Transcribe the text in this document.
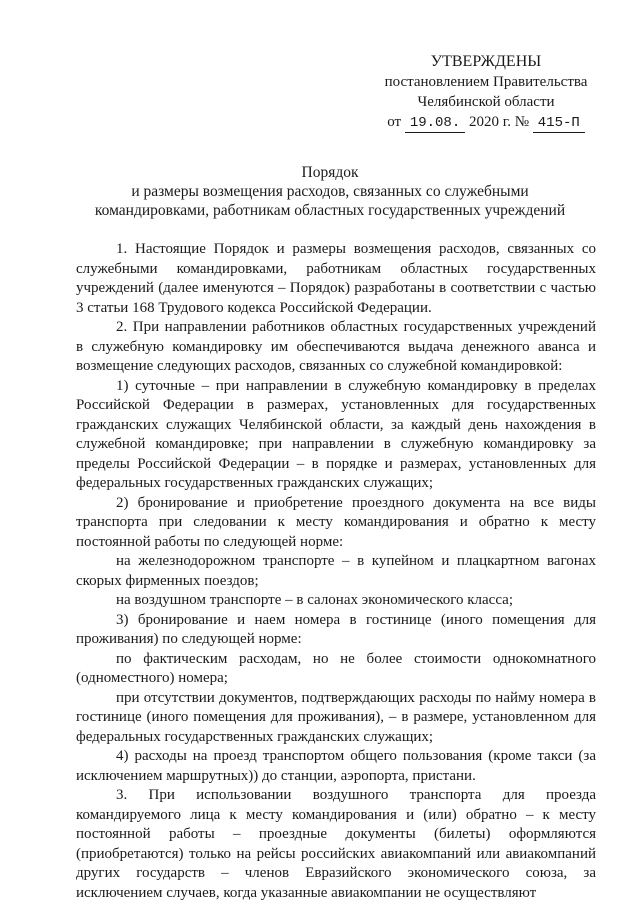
УТВЕРЖДЕНЫ
постановлением Правительства
Челябинской области
от 19.08. 2020 г. № 415-П
Порядок
и размеры возмещения расходов, связанных со служебными
командировками, работникам областных государственных учреждений

1. Настоящие Порядок и размеры возмещения расходов, связанных со служебными командировками, работникам областных государственных учреждений (далее именуются – Порядок) разработаны в соответствии с частью 3 статьи 168 Трудового кодекса Российской Федерации.

2. При направлении работников областных государственных учреждений в служебную командировку им обеспечиваются выдача денежного аванса и возмещение следующих расходов, связанных со служебной командировкой:

1) суточные – при направлении в служебную командировку в пределах Российской Федерации в размерах, установленных для государственных гражданских служащих Челябинской области, за каждый день нахождения в служебной командировке; при направлении в служебную командировку за пределы Российской Федерации – в порядке и размерах, установленных для федеральных государственных гражданских служащих;

2) бронирование и приобретение проездного документа на все виды транспорта при следовании к месту командирования и обратно к месту постоянной работы по следующей норме:

на железнодорожном транспорте – в купейном и плацкартном вагонах скорых фирменных поездов;

на воздушном транспорте – в салонах экономического класса;

3) бронирование и наем номера в гостинице (иного помещения для проживания) по следующей норме:

по фактическим расходам, но не более стоимости однокомнатного (одноместного) номера;

при отсутствии документов, подтверждающих расходы по найму номера в гостинице (иного помещения для проживания), – в размере, установленном для федеральных государственных гражданских служащих;

4) расходы на проезд транспортом общего пользования (кроме такси (за исключением маршрутных)) до станции, аэропорта, пристани.

3. При использовании воздушного транспорта для проезда командируемого лица к месту командирования и (или) обратно – к месту постоянной работы – проездные документы (билеты) оформляются (приобретаются) только на рейсы российских авиакомпаний или авиакомпаний других государств – членов Евразийского экономического союза, за исключением случаев, когда указанные авиакомпании не осуществляют
